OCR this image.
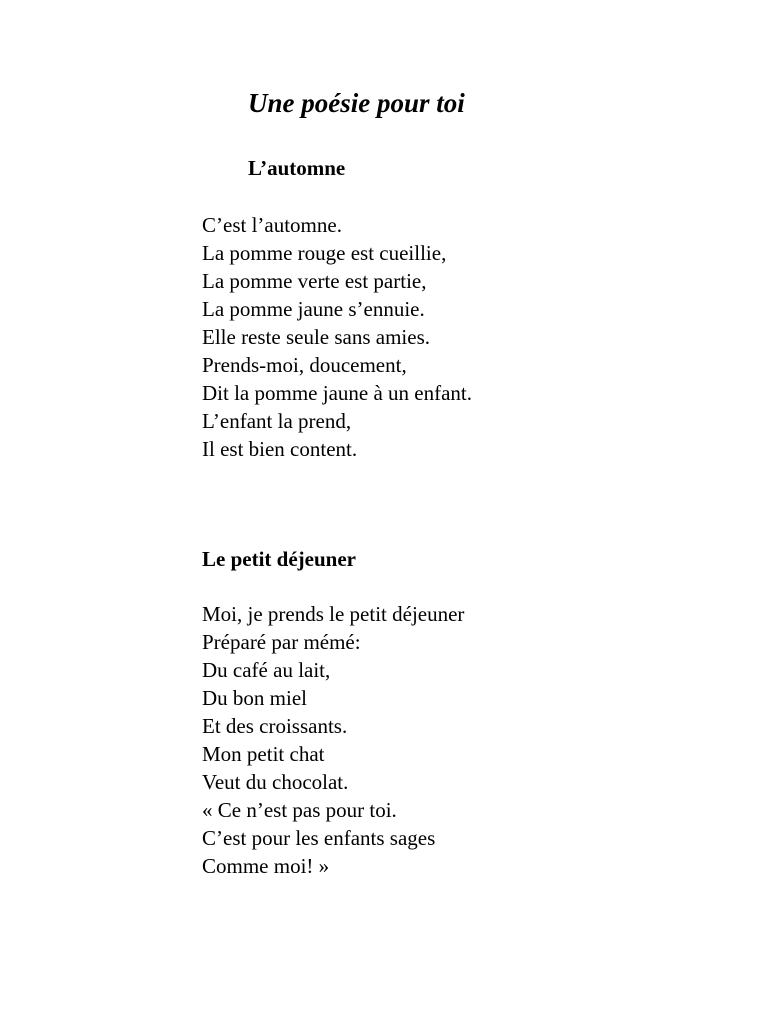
Une poésie pour toi
L’automne
C’est l’automne.
La pomme rouge est cueillie,
La pomme verte est partie,
La pomme jaune s’ennuie.
Elle reste seule sans amies.
Prends-moi, doucement,
Dit la pomme jaune à un enfant.
L’enfant la prend,
Il est bien content.
Le petit déjeuner
Moi, je prends le petit déjeuner
Préparé par mémé:
Du café au lait,
Du bon miel
Et des croissants.
Mon petit chat
Veut du chocolat.
« Ce n’est pas pour toi.
C’est pour les enfants sages
Comme moi! »
